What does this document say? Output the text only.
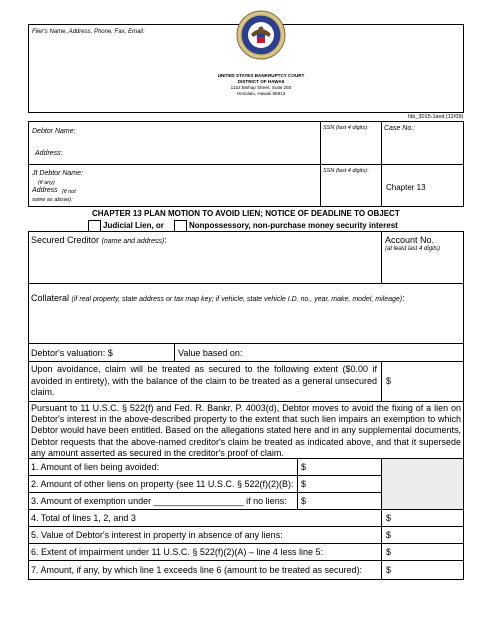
Filer's Name, Address, Phone, Fax, Email:
UNITED STATES BANKRUPTCY COURT
DISTRICT OF HAWAII
1132 Bishop Street, Suite 250
Honolulu, Hawaii 96813
hib_3015-1avd (12/09)
Debtor Name:
Address:
SSN (last 4 digits): Case No.:
Jt Debtor Name:
(if any)
Address (if not
same as above):
SSN (last 4 digits):
Chapter 13
CHAPTER 13 PLAN MOTION TO AVOID LIEN; NOTICE OF DEADLINE TO OBJECT
Judicial Lien, or	Nonpossessory, non-purchase money security interest
Secured Creditor (name and address):	Account No.
(at least last 4 digits)
Collateral (if real property, state address or tax map key; if vehicle, state vehicle I.D. no., year, make, model, mileage):
Debtor's valuation: $	Value based on:
Upon avoidance, claim will be treated as secured to the following extent ($0.00 if avoided in entirety), with the balance of the claim to be treated as a general unsecured claim.
$
Pursuant to 11 U.S.C. § 522(f) and Fed. R. Bankr. P. 4003(d), Debtor moves to avoid the fixing of a lien on Debtor's interest in the above-described property to the extent that such lien impairs an exemption to which Debtor would have been entitled. Based on the allegations stated here and in any supplemental documents, Debtor requests that the above-named creditor's claim be treated as indicated above, and that it supersede any amount asserted as secured in the creditor's proof of claim.
1. Amount of lien being avoided:	$
2. Amount of other liens on property (see 11 U.S.C. § 522(f)(2)(B): $
3. Amount of exemption under __________________ if no liens: $
4. Total of lines 1, 2, and 3	$
5. Value of Debtor's interest in property in absence of any liens:	$
6. Extent of impairment under 11 U.S.C. § 522(f)(2)(A) – line 4 less line 5:	$
7. Amount, if any, by which line 1 exceeds line 6 (amount to be treated as secured):	$
